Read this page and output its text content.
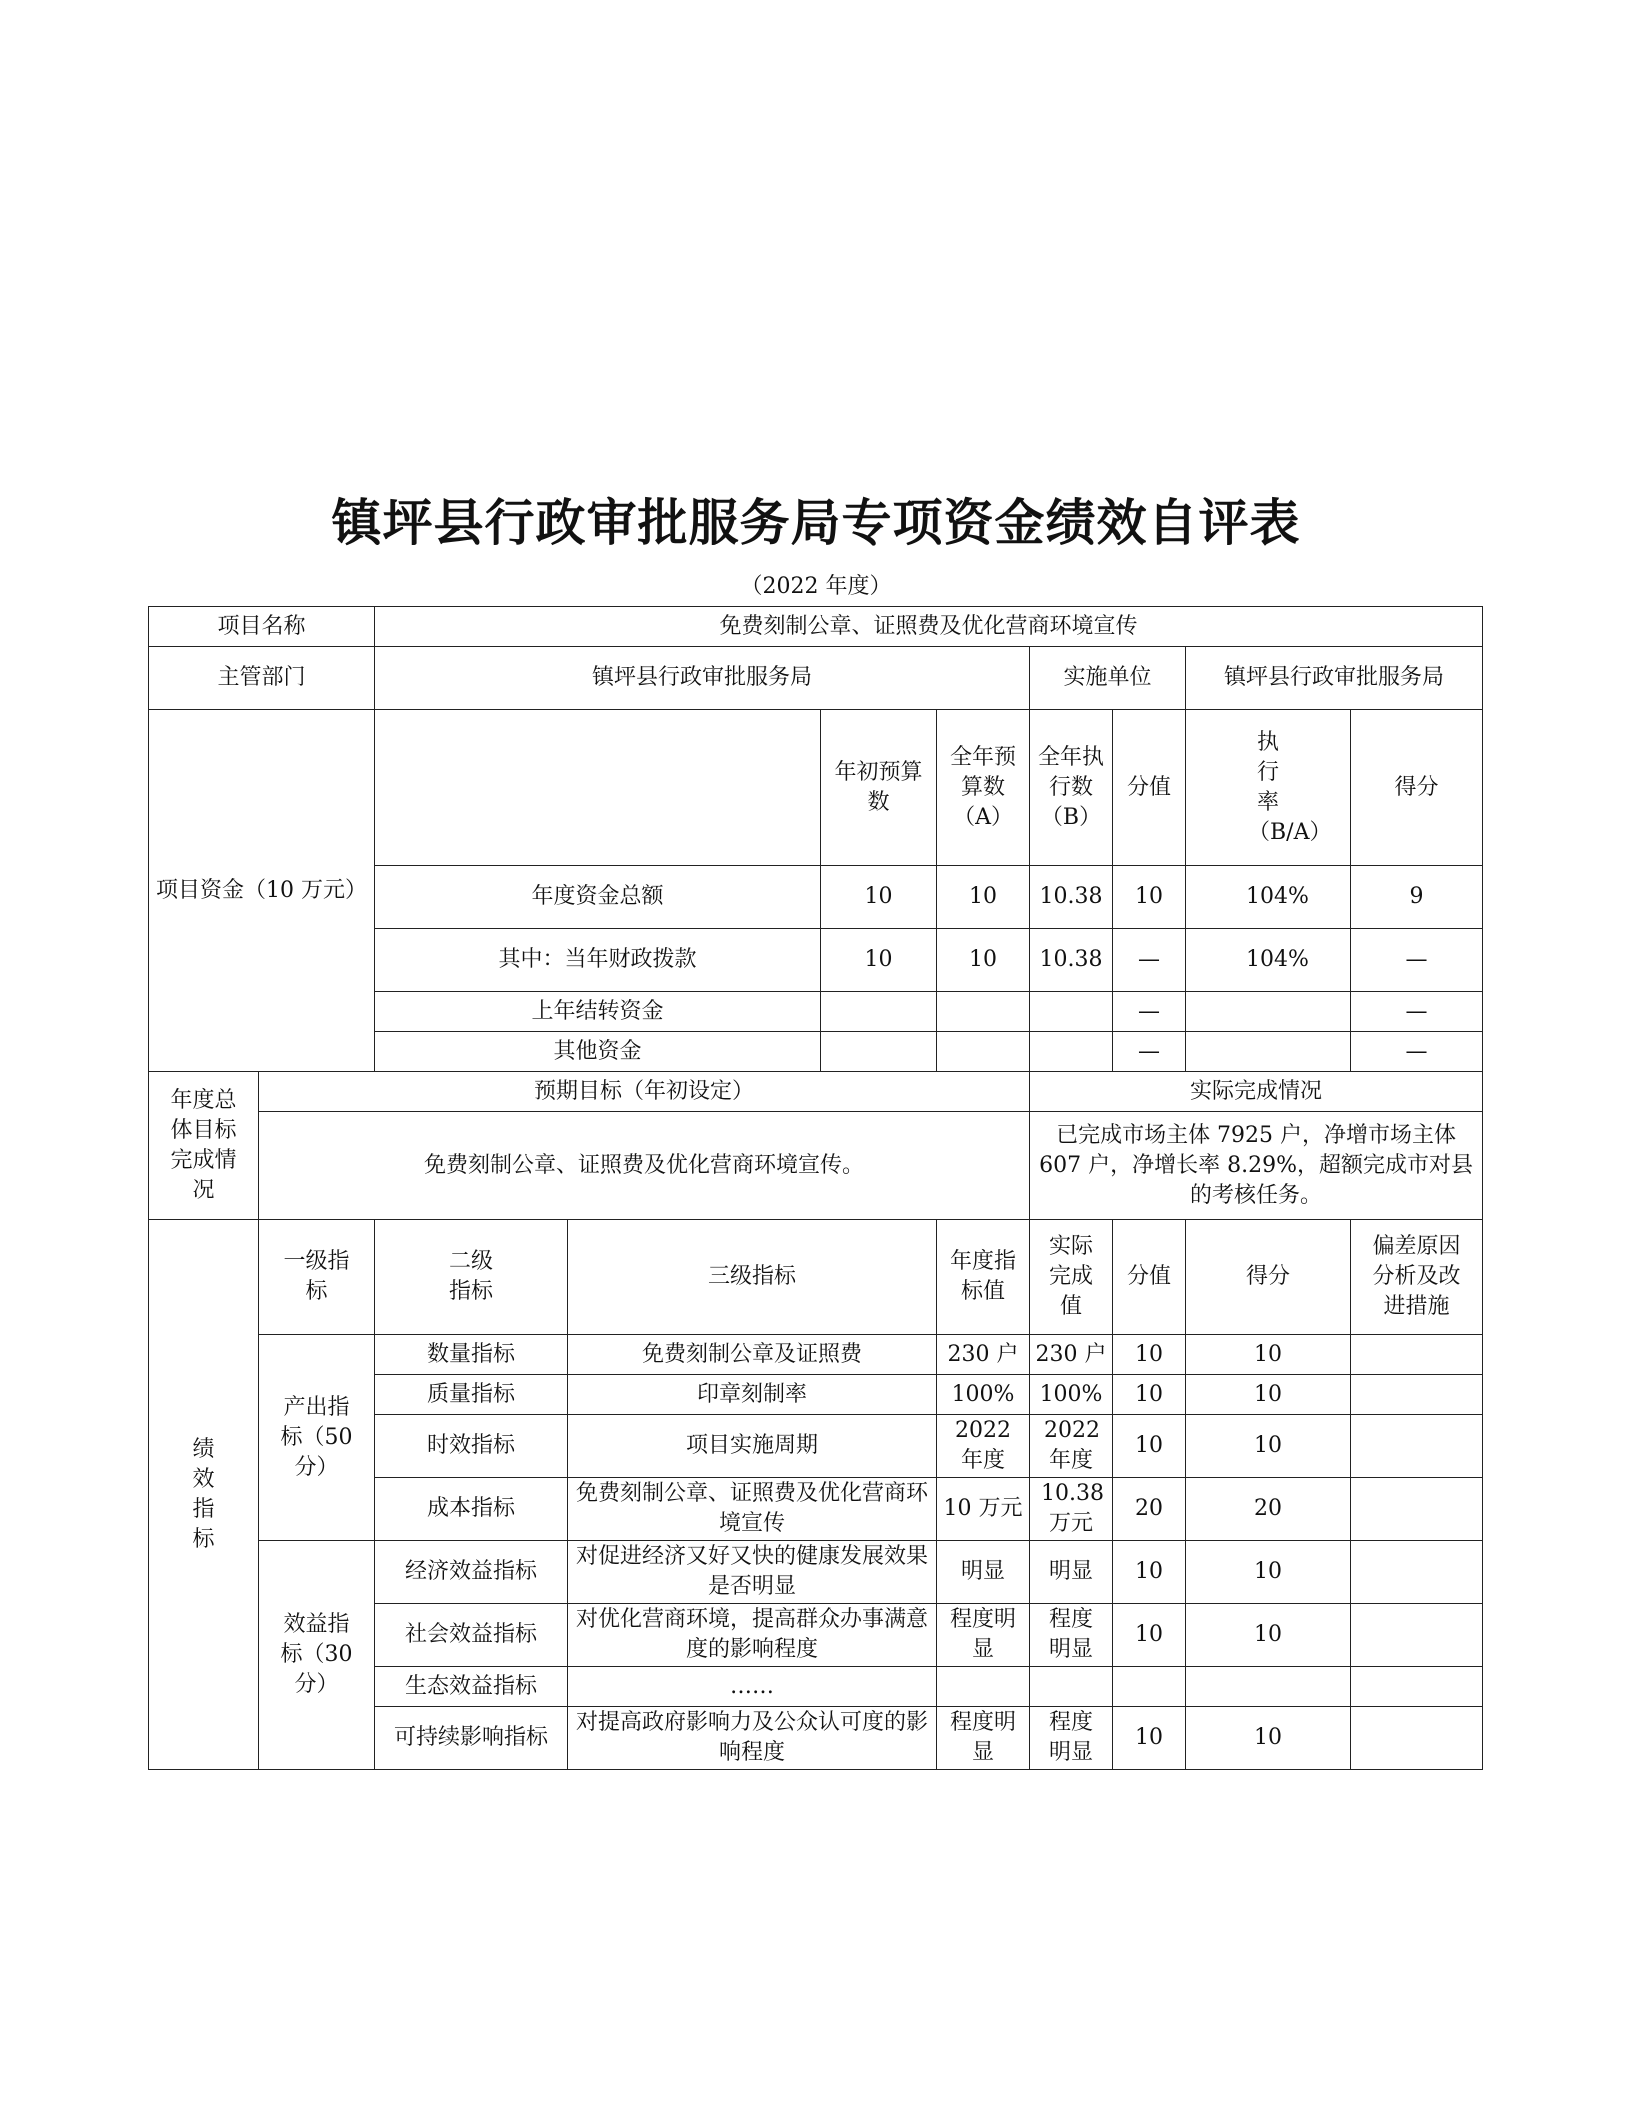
镇坪县行政审批服务局专项资金绩效自评表
（2022 年度）
项目名称		免费刻制公章、证照费及优化营商环境宣传							
主管部门		镇坪县行政审批服务局				实施单位		镇坪县行政审批服务局	
项目资金（10 万元）				年初预算数	全年预算数（A）	全年执行数（B）	分值	执行率（B/A）	得分
		年度资金总额		10	10	10.38	10	104%	9
		其中：当年财政拨款		10	10	10.38	—	104%	—
		上年结转资金					—		—
		其他资金					—		—

年度总体目标完成情况	预期目标（年初设定）					实际完成情况			
	免费刻制公章、证照费及优化营商环境宣传。					已完成市场主体 7925 户，净增市场主体 607 户，净增长率 8.29%，超额完成市对县的考核任务。			

绩效指标	一级指标	二级指标	三级指标		年度指标值	实际完成值	分值	得分	偏差原因分析及改进措施

	产出指标（50分）	数量指标	免费刻制公章及证照费		230 户	230 户	10	10	
		质量指标	印章刻制率		100%	100%	10	10	
		时效指标	项目实施周期		2022 年度	2022 年度	10	10	
		成本指标	免费刻制公章、证照费及优化营商环境宣传		10 万元	10.38 万元	20	20	

	效益指标（30分）	经济效益指标	对促进经济又好又快的健康发展效果是否明显		明显	明显	10	10	
		社会效益指标	对优化营商环境，提高群众办事满意度的影响程度		程度明显	程度明显	10	10	
		生态效益指标	……						
		可持续影响指标	对提高政府影响力及公众认可度的影响程度		程度明显	程度明显	10	10	
